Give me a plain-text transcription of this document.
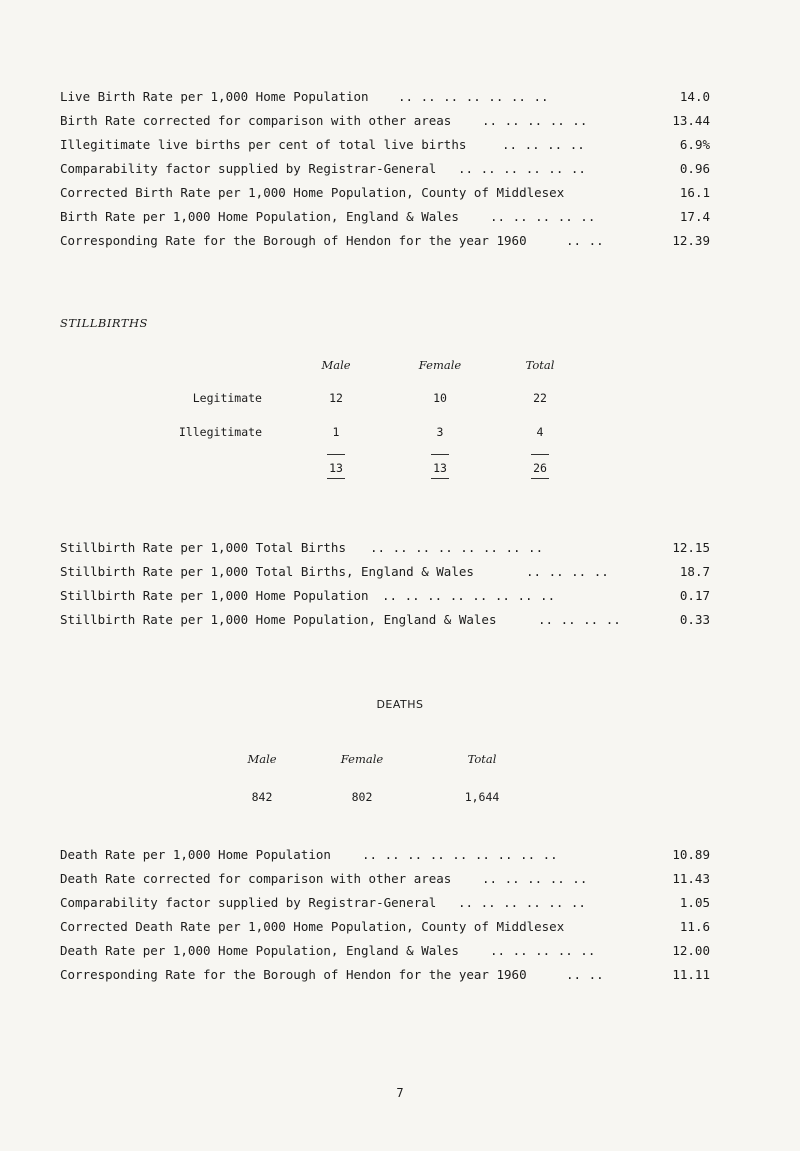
Live Birth Rate per 1,000 Home Population .. .. .. .. .. .. ..	14.0
Birth Rate corrected for comparison with other areas .. .. .. .. ..	13.44
Illegitimate live births per cent of total live births	.. .. .. ..	6.9%
Comparability factor supplied by Registrar-General .. .. .. .. .. ..	0.96
Corrected Birth Rate per 1,000 Home Population, County of Middlesex	16.1
Birth Rate per 1,000 Home Population, England & Wales .. .. .. .. ..	17.4
Corresponding Rate for the Borough of Hendon for the year 1960	.. ..	12.39
STILLBIRTHS
Male	Female	Total
Legitimate	12	10	22
Illegitimate	1	3	4
13	13	26
Stillbirth Rate per 1,000 Total Births .. .. .. .. .. .. .. ..	12.15
Stillbirth Rate per 1,000 Total Births, England & Wales	.. .. .. ..	18.7
Stillbirth Rate per 1,000 Home Population .. .. .. .. .. .. .. ..	0.17
Stillbirth Rate per 1,000 Home Population, England & Wales	.. .. .. ..	0.33
DEATHS
Male	Female	Total
842	802	1,644
Death Rate per 1,000 Home Population .. .. .. .. .. .. .. .. ..	10.89
Death Rate corrected for comparison with other areas .. .. .. .. ..	11.43
Comparability factor supplied by Registrar-General .. .. .. .. .. ..	1.05
Corrected Death Rate per 1,000 Home Population, County of Middlesex	11.6
Death Rate per 1,000 Home Population, England & Wales .. .. .. .. ..	12.00
Corresponding Rate for the Borough of Hendon for the year 1960	.. ..	11.11
7
